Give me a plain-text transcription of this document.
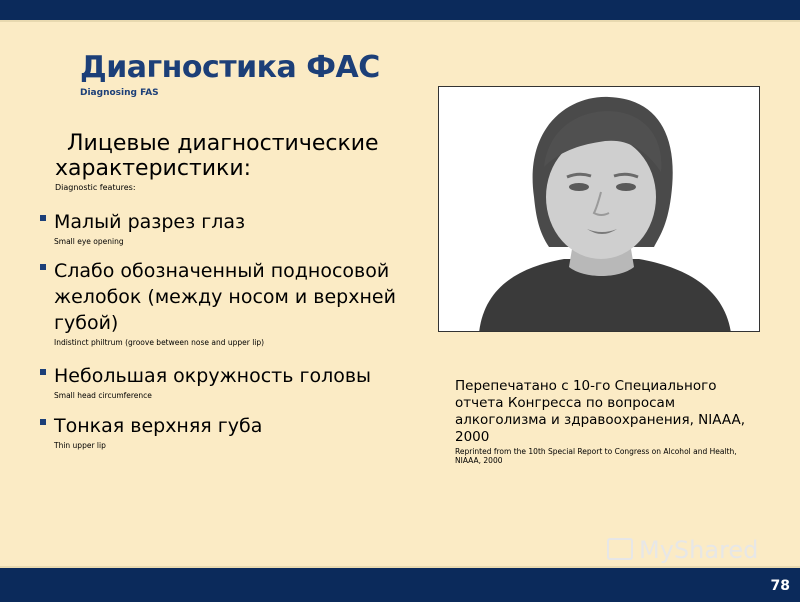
Диагностика ФАС
Diagnosing FAS
Лицевые диагностические
характеристики:
Diagnostic features:
Малый разрез глаз
Small eye opening
Слабо обозначенный подносовой желобок (между носом и верхней губой)
Indistinct philtrum (groove between nose and upper lip)
Небольшая окружность головы
Small head circumference
Тонкая верхняя губа
Thin upper lip
Перепечатано с 10-го Специального отчета Конгресса по вопросам алкоголизма и здравоохранения, NIAAA, 2000
Reprinted from the 10th Special Report to Congress on Alcohol and Health, NIAAA, 2000
MyShared
78
